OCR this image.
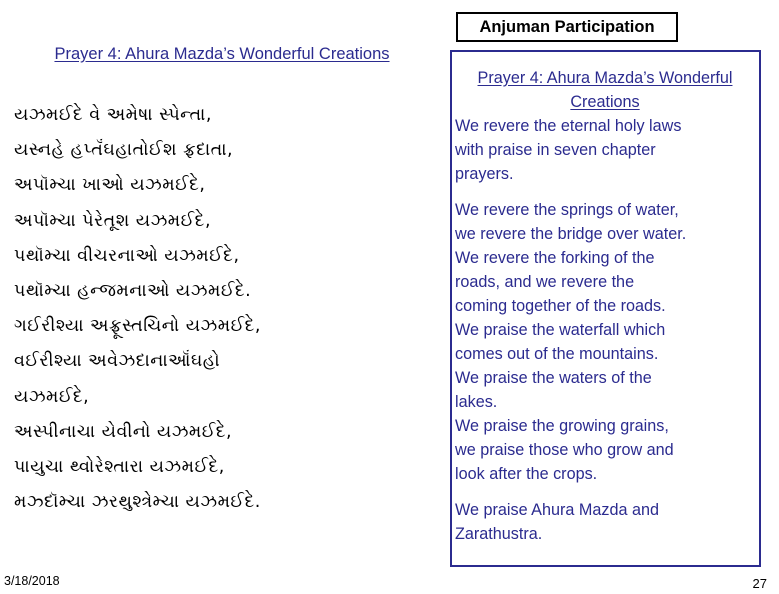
Prayer 4: Ahura Mazda’s Wonderful Creations
યઝમઈદે વે અમેષા સ્પેન્તા,
યસ્નહે હપ્તૅંઘહાતોઈશ ફ્રદાતા,
અપૉમ્ચા ખાઓ યઝમઈદે,
અપૉમ્ચા પેરેતૂશ યઝમઈદે,
પથૉમ્ચા વીચરનાઓ યઝમઈદે,
પથૉમ્ચા હન્જમનાઓ યઝમઈદે.
ગઈરીશ્યા અફ્રૂસ્તચિનો યઝમઈદે,
વઈરીશ્યા અવેઝદાનાઑંઘહો
યઝમઈદે,
અસ્પીનાચા યેવીનો યઝમઈદે,
પાયુચા થ્વોરેશ્તારા યઝમઈદે,
મઝ્દૉમ્ચા ઝરથુશ્ત્રેમ્ચા યઝમઈદે.
Anjuman Participation
Prayer 4: Ahura Mazda’s Wonderful Creations

We revere the eternal holy laws
with praise in seven chapter
prayers.

We revere the springs of water,
we revere the bridge over water.
We revere the forking of the
roads, and we revere the
coming together of the roads.
We praise the waterfall which
comes out of the mountains.
We praise the waters of the
lakes.
We praise the growing grains,
we praise those who grow and
look after the crops.

We praise Ahura Mazda and
Zarathustra.

3/18/2018	27
